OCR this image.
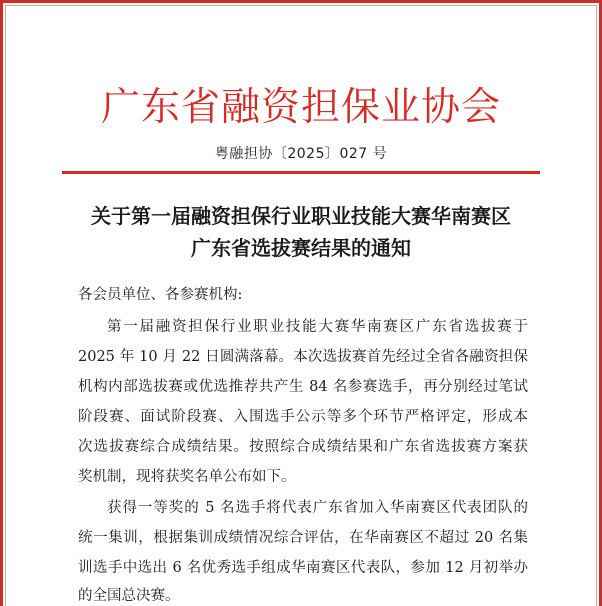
广东省融资担保业协会
粤融担协〔2025〕027 号
关于第一届融资担保行业职业技能大赛华南赛区
广东省选拔赛结果的通知
各会员单位、各参赛机构:
第一届融资担保行业职业技能大赛华南赛区广东省选拔赛于
2025 年 10 月 22 日圆满落幕。本次选拔赛首先经过全省各融资担保
机构内部选拔赛或优选推荐共产生 84 名参赛选手，再分别经过笔试
阶段赛、面试阶段赛、入围选手公示等多个环节严格评定，形成本
次选拔赛综合成绩结果。按照综合成绩结果和广东省选拔赛方案获
奖机制，现将获奖名单公布如下。
获得一等奖的 5 名选手将代表广东省加入华南赛区代表团队的
统一集训，根据集训成绩情况综合评估，在华南赛区不超过 20 名集
训选手中选出 6 名优秀选手组成华南赛区代表队，参加 12 月初举办
的全国总决赛。
